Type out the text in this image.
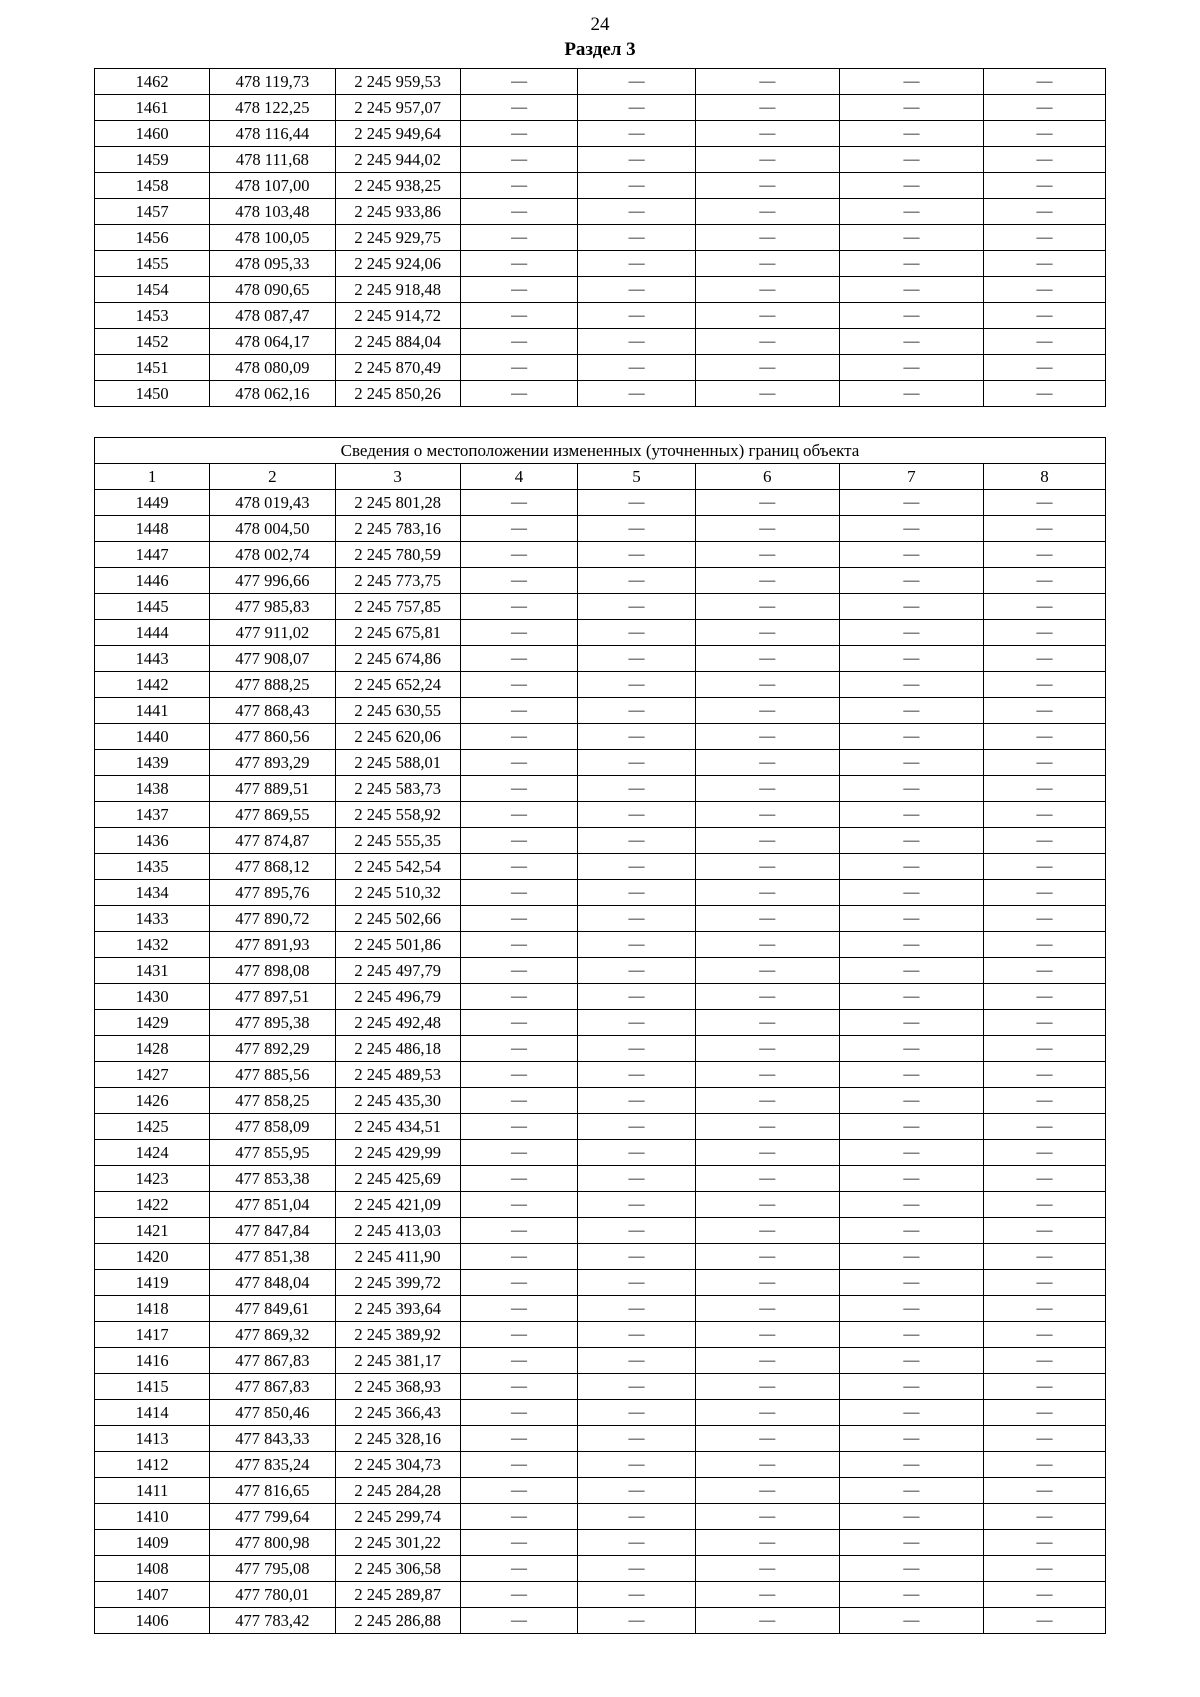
24
Раздел 3
1462	478 119,73	2 245 959,53	—	—	—	—	—
1461	478 122,25	2 245 957,07	—	—	—	—	—
1460	478 116,44	2 245 949,64	—	—	—	—	—
1459	478 111,68	2 245 944,02	—	—	—	—	—
1458	478 107,00	2 245 938,25	—	—	—	—	—
1457	478 103,48	2 245 933,86	—	—	—	—	—
1456	478 100,05	2 245 929,75	—	—	—	—	—
1455	478 095,33	2 245 924,06	—	—	—	—	—
1454	478 090,65	2 245 918,48	—	—	—	—	—
1453	478 087,47	2 245 914,72	—	—	—	—	—
1452	478 064,17	2 245 884,04	—	—	—	—	—
1451	478 080,09	2 245 870,49	—	—	—	—	—
1450	478 062,16	2 245 850,26	—	—	—	—	—
Сведения о местоположении измененных (уточненных) границ объекта							
1	2	3	4	5	6	7	8
1449	478 019,43	2 245 801,28	—	—	—	—	—
1448	478 004,50	2 245 783,16	—	—	—	—	—
1447	478 002,74	2 245 780,59	—	—	—	—	—
1446	477 996,66	2 245 773,75	—	—	—	—	—
1445	477 985,83	2 245 757,85	—	—	—	—	—
1444	477 911,02	2 245 675,81	—	—	—	—	—
1443	477 908,07	2 245 674,86	—	—	—	—	—
1442	477 888,25	2 245 652,24	—	—	—	—	—
1441	477 868,43	2 245 630,55	—	—	—	—	—
1440	477 860,56	2 245 620,06	—	—	—	—	—
1439	477 893,29	2 245 588,01	—	—	—	—	—
1438	477 889,51	2 245 583,73	—	—	—	—	—
1437	477 869,55	2 245 558,92	—	—	—	—	—
1436	477 874,87	2 245 555,35	—	—	—	—	—
1435	477 868,12	2 245 542,54	—	—	—	—	—
1434	477 895,76	2 245 510,32	—	—	—	—	—
1433	477 890,72	2 245 502,66	—	—	—	—	—
1432	477 891,93	2 245 501,86	—	—	—	—	—
1431	477 898,08	2 245 497,79	—	—	—	—	—
1430	477 897,51	2 245 496,79	—	—	—	—	—
1429	477 895,38	2 245 492,48	—	—	—	—	—
1428	477 892,29	2 245 486,18	—	—	—	—	—
1427	477 885,56	2 245 489,53	—	—	—	—	—
1426	477 858,25	2 245 435,30	—	—	—	—	—
1425	477 858,09	2 245 434,51	—	—	—	—	—
1424	477 855,95	2 245 429,99	—	—	—	—	—
1423	477 853,38	2 245 425,69	—	—	—	—	—
1422	477 851,04	2 245 421,09	—	—	—	—	—
1421	477 847,84	2 245 413,03	—	—	—	—	—
1420	477 851,38	2 245 411,90	—	—	—	—	—
1419	477 848,04	2 245 399,72	—	—	—	—	—
1418	477 849,61	2 245 393,64	—	—	—	—	—
1417	477 869,32	2 245 389,92	—	—	—	—	—
1416	477 867,83	2 245 381,17	—	—	—	—	—
1415	477 867,83	2 245 368,93	—	—	—	—	—
1414	477 850,46	2 245 366,43	—	—	—	—	—
1413	477 843,33	2 245 328,16	—	—	—	—	—
1412	477 835,24	2 245 304,73	—	—	—	—	—
1411	477 816,65	2 245 284,28	—	—	—	—	—
1410	477 799,64	2 245 299,74	—	—	—	—	—
1409	477 800,98	2 245 301,22	—	—	—	—	—
1408	477 795,08	2 245 306,58	—	—	—	—	—
1407	477 780,01	2 245 289,87	—	—	—	—	—
1406	477 783,42	2 245 286,88	—	—	—	—	—
